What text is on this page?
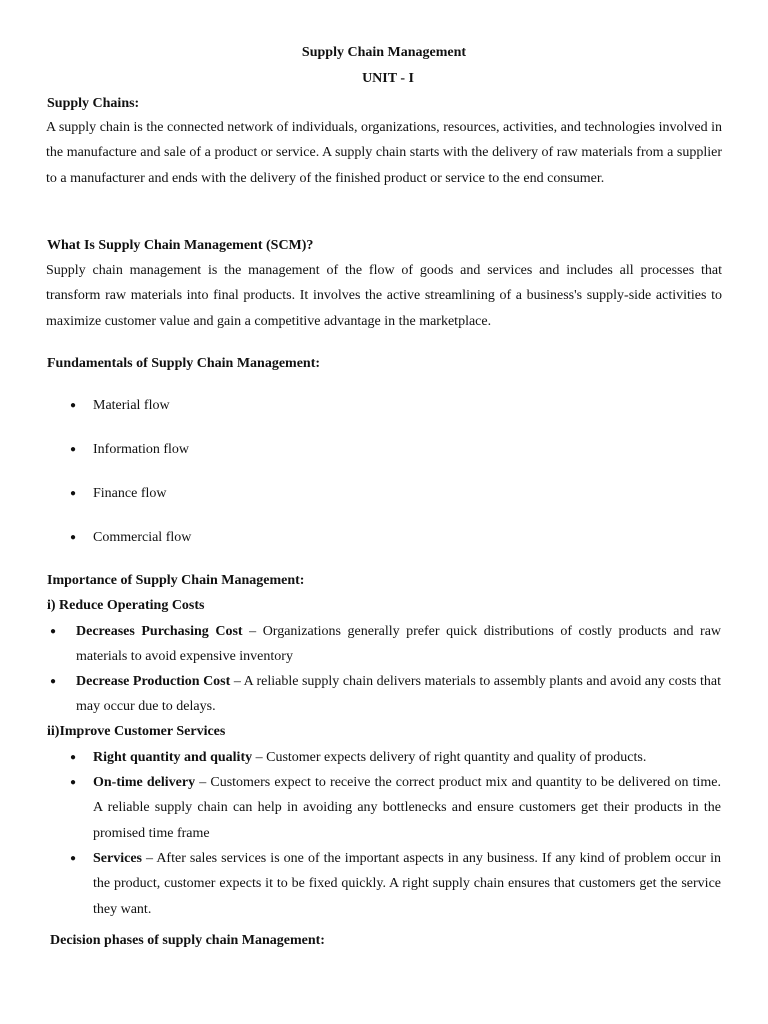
Supply Chain Management
UNIT - I
Supply Chains:
A supply chain is the connected network of individuals, organizations, resources, activities, and technologies involved in the manufacture and sale of a product or service. A supply chain starts with the delivery of raw materials from a supplier to a manufacturer and ends with the delivery of the finished product or service to the end consumer.
What Is Supply Chain Management (SCM)?
Supply chain management is the management of the flow of goods and services and includes all processes that transform raw materials into final products. It involves the active streamlining of a business's supply-side activities to maximize customer value and gain a competitive advantage in the marketplace.
Fundamentals of Supply Chain Management:
● Material flow
● Information flow
● Finance flow
● Commercial flow
Importance of Supply Chain Management:
i) Reduce Operating Costs
● Decreases Purchasing Cost – Organizations generally prefer quick distributions of costly products and raw materials to avoid expensive inventory
● Decrease Production Cost – A reliable supply chain delivers materials to assembly plants and avoid any costs that may occur due to delays.
ii)Improve Customer Services
● Right quantity and quality – Customer expects delivery of right quantity and quality of products.
● On-time delivery – Customers expect to receive the correct product mix and quantity to be delivered on time. A reliable supply chain can help in avoiding any bottlenecks and ensure customers get their products in the promised time frame
● Services – After sales services is one of the important aspects in any business. If any kind of problem occur in the product, customer expects it to be fixed quickly. A right supply chain ensures that customers get the service they want.
Decision phases of supply chain Management:
